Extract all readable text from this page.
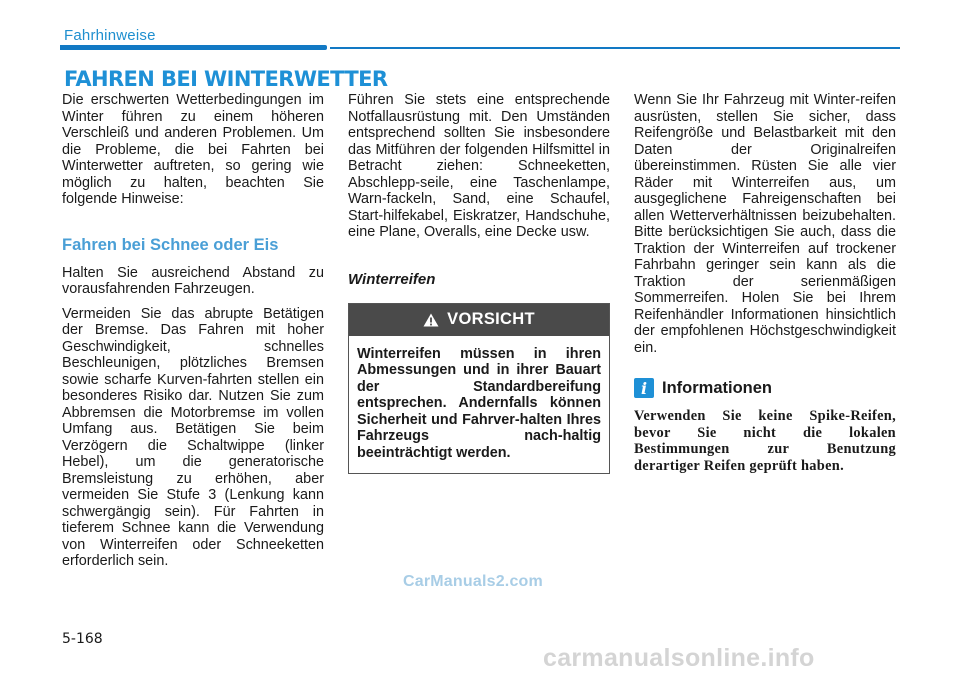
Fahrhinweise
FAHREN BEI WINTERWETTER

Die erschwerten Wetterbedingungen im Winter führen zu einem höheren Verschleiß und anderen Problemen. Um die Probleme, die bei Fahrten bei Winterwetter auftreten, so gering wie möglich zu halten, beachten Sie folgende Hinweise:

Fahren bei Schnee oder Eis

Halten Sie ausreichend Abstand zu vorausfahrenden Fahrzeugen.

Vermeiden Sie das abrupte Betätigen der Bremse. Das Fahren mit hoher Geschwindigkeit, schnelles Beschleunigen, plötzliches Bremsen sowie scharfe Kurven-fahrten stellen ein besonderes Risiko dar. Nutzen Sie zum Abbremsen die Motorbremse im vollen Umfang aus. Betätigen Sie beim Verzögern die Schaltwippe (linker Hebel), um die generatorische Bremsleistung zu erhöhen, aber vermeiden Sie Stufe 3 (Lenkung kann schwergängig sein). Für Fahrten in tieferem Schnee kann die Verwendung von Winterreifen oder Schneeketten erforderlich sein.

Führen Sie stets eine entsprechende Notfallausrüstung mit. Den Umständen entsprechend sollten Sie insbesondere das Mitführen der folgenden Hilfsmittel in Betracht ziehen: Schneeketten, Abschlepp-seile, eine Taschenlampe, Warn-fackeln, Sand, eine Schaufel, Start-hilfekabel, Eiskratzer, Handschuhe, eine Plane, Overalls, eine Decke usw.

Winterreifen
VORSICHT
Winterreifen müssen in ihren Abmessungen und in ihrer Bauart der Standardbereifung entsprechen. Andernfalls können Sicherheit und Fahrver-halten Ihres Fahrzeugs nach-haltig beeinträchtigt werden.

Wenn Sie Ihr Fahrzeug mit Winter-reifen ausrüsten, stellen Sie sicher, dass Reifengröße und Belastbarkeit mit den Daten der Originalreifen übereinstimmen. Rüsten Sie alle vier Räder mit Winterreifen aus, um ausgeglichene Fahreigenschaften bei allen Wetterverhältnissen beizubehalten. Bitte berücksichtigen Sie auch, dass die Traktion der Winterreifen auf trockener Fahrbahn geringer sein kann als die Traktion der serienmäßigen Sommerreifen. Holen Sie bei Ihrem Reifenhändler Informationen hinsichtlich der empfohlenen Höchstgeschwindigkeit ein.

i Informationen

Verwenden Sie keine Spike-Reifen, bevor Sie nicht die lokalen Bestimmungen zur Benutzung derartiger Reifen geprüft haben.

CarManuals2.com
5-168
carmanualsonline.info
